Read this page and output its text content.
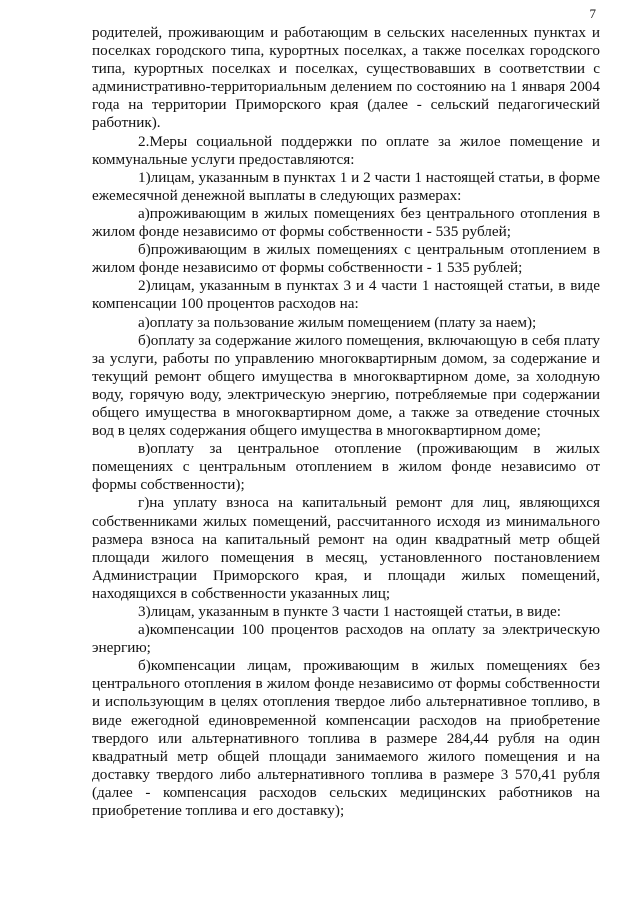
7

родителей, проживающим и работающим в сельских населенных пунктах и поселках городского типа, курортных поселках, а также поселках городского типа, курортных поселках и поселках, существовавших в соответствии с административно-территориальным делением по состоянию на 1 января 2004 года на территории Приморского края (далее - сельский педагогический работник).

2.Меры социальной поддержки по оплате за жилое помещение и коммунальные услуги предоставляются:

1)лицам, указанным в пунктах 1 и 2 части 1 настоящей статьи, в форме ежемесячной денежной выплаты в следующих размерах:

а)проживающим в жилых помещениях без центрального отопления в жилом фонде независимо от формы собственности - 535 рублей;

б)проживающим в жилых помещениях с центральным отоплением в жилом фонде независимо от формы собственности - 1 535 рублей;

2)лицам, указанным в пунктах 3 и 4 части 1 настоящей статьи, в виде компенсации 100 процентов расходов на:

а)оплату за пользование жилым помещением (плату за наем);

б)оплату за содержание жилого помещения, включающую в себя плату за услуги, работы по управлению многоквартирным домом, за содержание и текущий ремонт общего имущества в многоквартирном доме, за холодную воду, горячую воду, электрическую энергию, потребляемые при содержании общего имущества в многоквартирном доме, а также за отведение сточных вод в целях содержания общего имущества в многоквартирном доме;

в)оплату за центральное отопление (проживающим в жилых помещениях с центральным отоплением в жилом фонде независимо от формы собственности);

г)на уплату взноса на капитальный ремонт для лиц, являющихся собственниками жилых помещений, рассчитанного исходя из минимального размера взноса на капитальный ремонт на один квадратный метр общей площади жилого помещения в месяц, установленного постановлением Администрации Приморского края, и площади жилых помещений, находящихся в собственности указанных лиц;

3)лицам, указанным в пункте 3 части 1 настоящей статьи, в виде:

а)компенсации 100 процентов расходов на оплату за электрическую энергию;

б)компенсации лицам, проживающим в жилых помещениях без центрального отопления в жилом фонде независимо от формы собственности и использующим в целях отопления твердое либо альтернативное топливо, в виде ежегодной единовременной компенсации расходов на приобретение твердого или альтернативного топлива в размере 284,44 рубля на один квадратный метр общей площади занимаемого жилого помещения и на доставку твердого либо альтернативного топлива в размере 3 570,41 рубля (далее - компенсация расходов сельских медицинских работников на приобретение топлива и его доставку);
